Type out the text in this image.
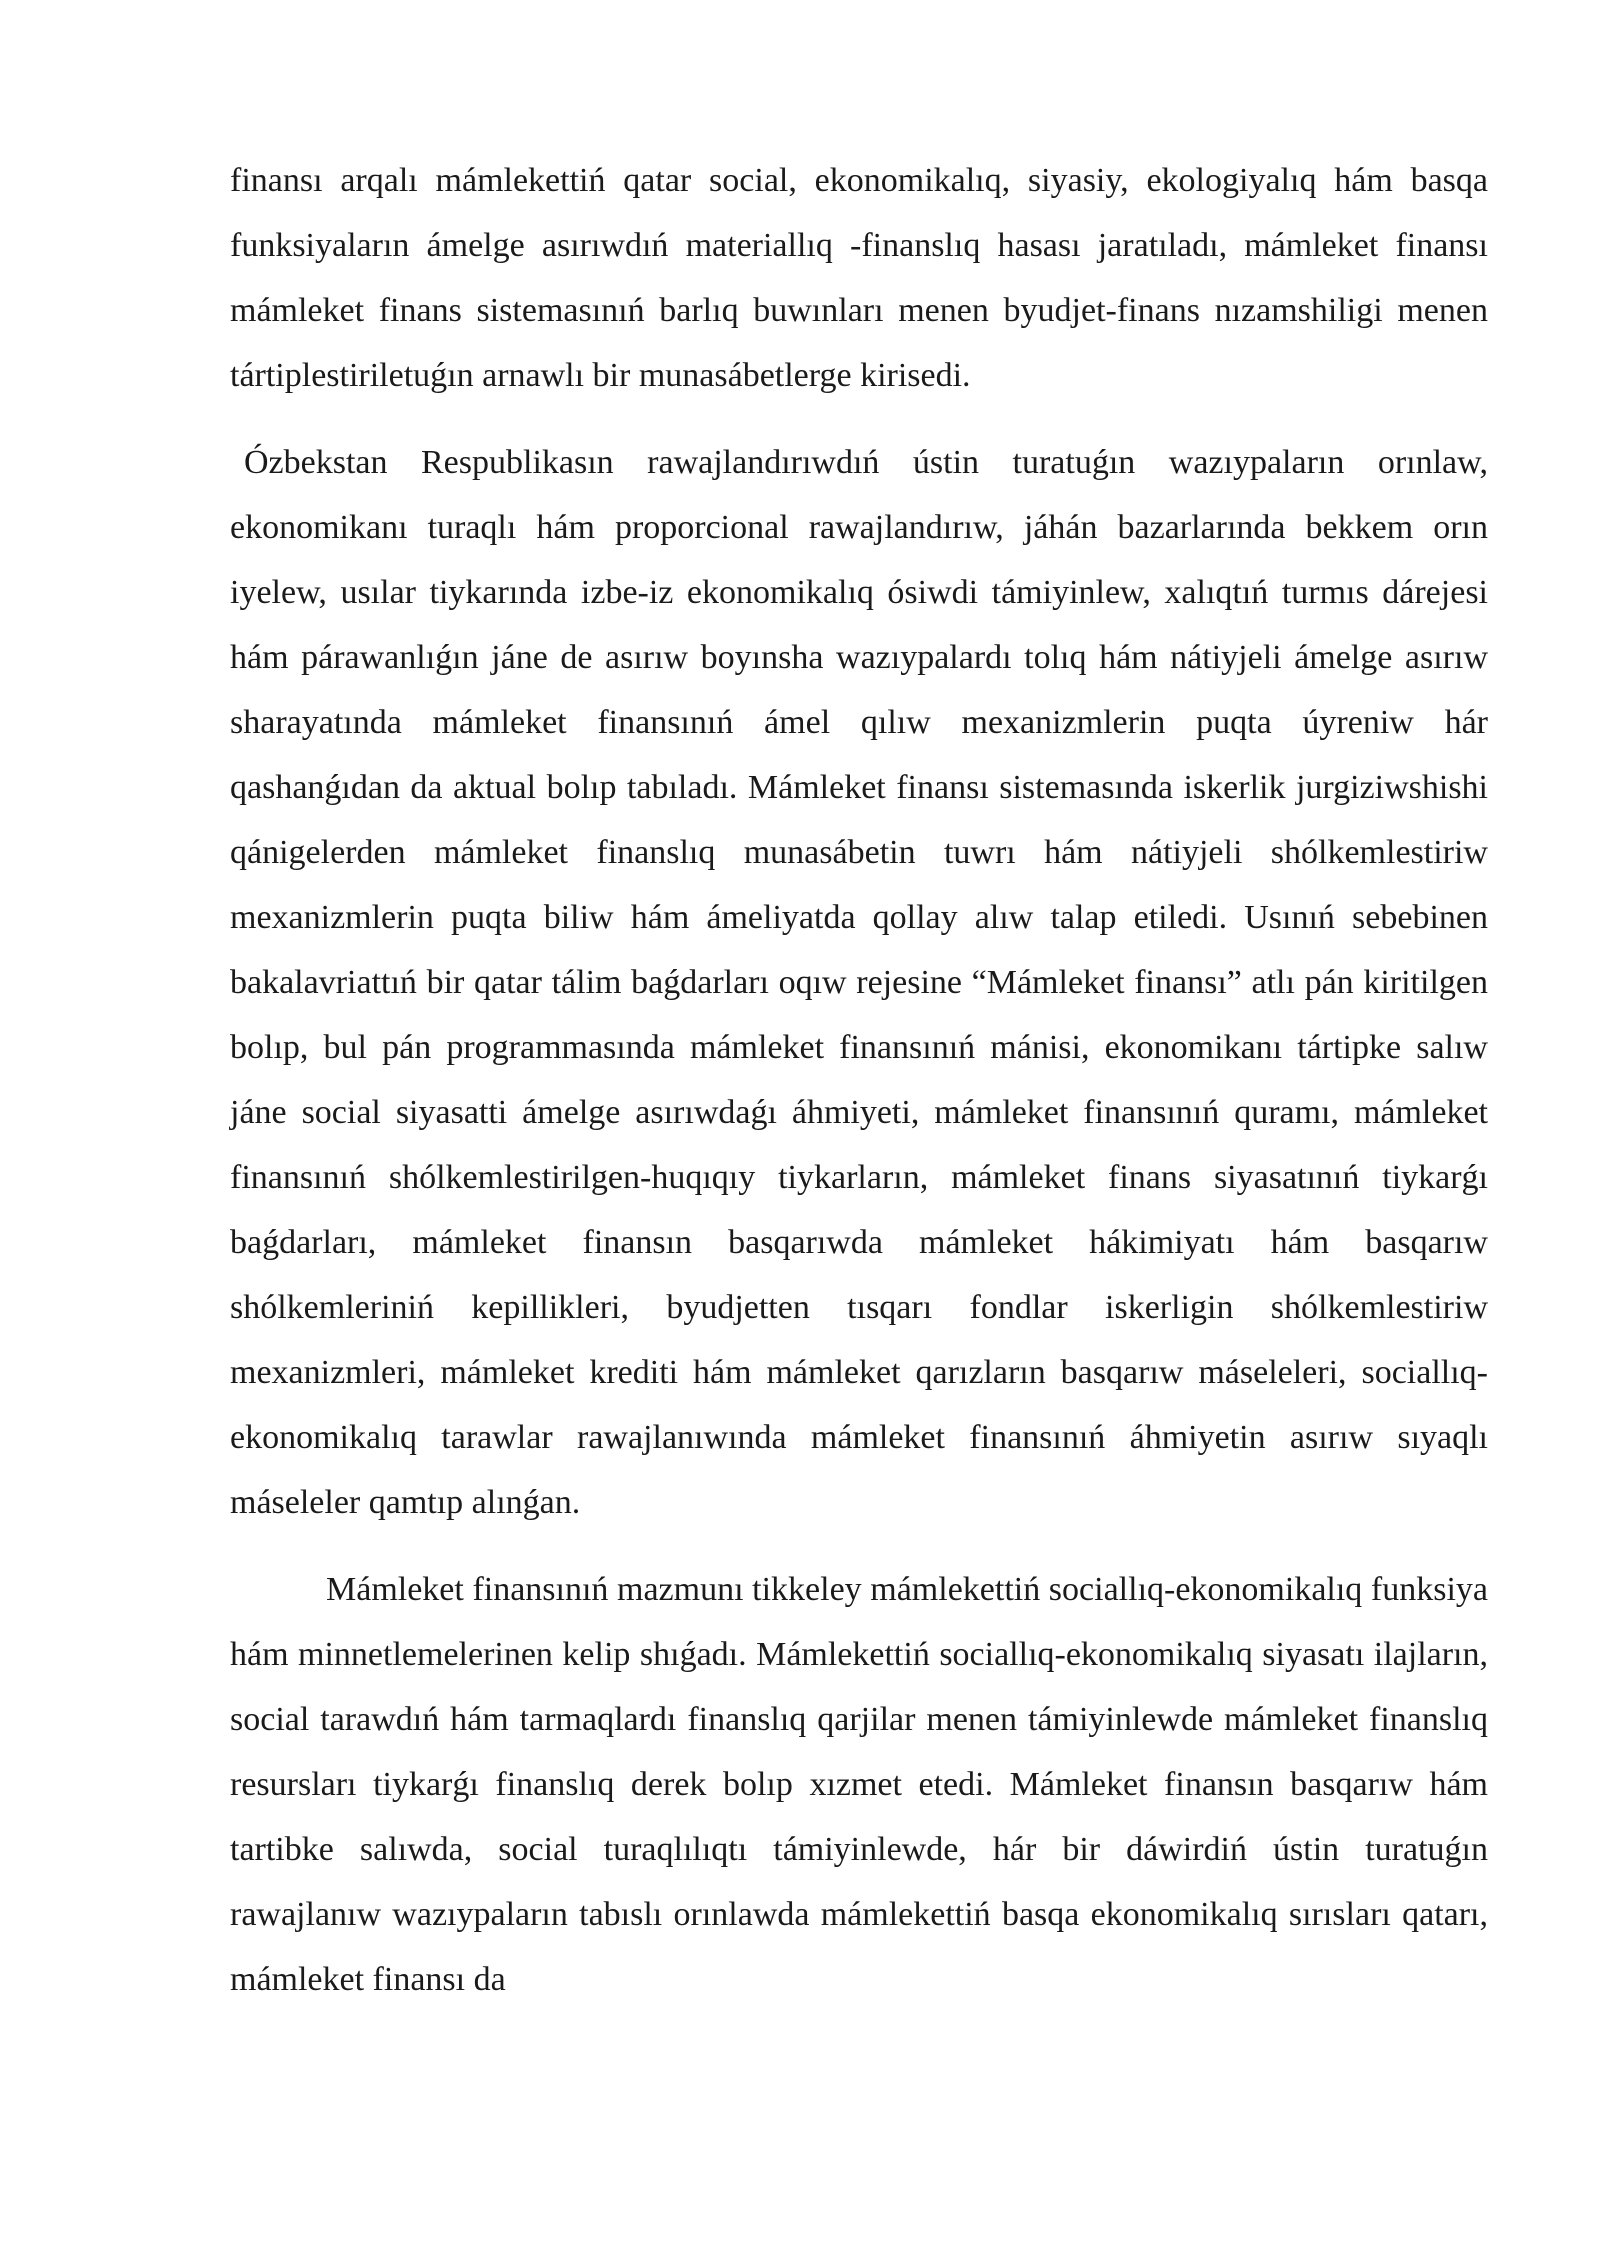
finansı arqalı mámlekettiń qatar social, ekonomikalıq, siyasiy, ekologiyalıq hám basqa funksiyaların ámelge asırıwdıń materiallıq -finanslıq hasası jaratıladı, mámleket finansı mámleket finans sistemasınıń barlıq buwınları menen byudjet-finans nızamshiligi menen tártiplestiriletuǵın arnawlı bir munasábetlerge kirisedi.

Ózbekstan Respublikasın rawajlandırıwdıń ústin turatuǵın wazıypaların orınlaw, ekonomikanı turaqlı hám proporcional rawajlandırıw, jáhán bazarlarında bekkem orın iyelew, usılar tiykarında izbe-iz ekonomikalıq ósiwdi támiyinlew, xalıqtıń turmıs dárejesi hám párawanlıǵın jáne de asırıw boyınsha wazıypalardı tolıq hám nátiyjeli ámelge asırıw sharayatında mámleket finansınıń ámel qılıw mexanizmlerin puqta úyreniw hár qashanǵıdan da aktual bolıp tabıladı. Mámleket finansı sistemasında iskerlik jurgiziwshishi qánigelerden mámleket finanslıq munasábetin tuwrı hám nátiyjeli shólkemlestiriw mexanizmlerin puqta biliw hám ámeliyatda qollay alıw talap etiledi. Usınıń sebebinen bakalavriattıń bir qatar tálim baǵdarları oqıw rejesine “Mámleket finansı” atlı pán kiritilgen bolıp, bul pán programmasında mámleket finansınıń mánisi, ekonomikanı tártipke salıw jáne social siyasatti ámelge asırıwdaǵı áhmiyeti, mámleket finansınıń quramı, mámleket finansınıń shólkemlestirilgen-huqıqıy tiykarların, mámleket finans siyasatınıń tiykarǵı baǵdarları, mámleket finansın basqarıwda mámleket hákimiyatı hám basqarıw shólkemleriniń kepillikleri, byudjetten tısqarı fondlar iskerligin shólkemlestiriw mexanizmleri, mámleket krediti hám mámleket qarızların basqarıw máseleleri, sociallıq-ekonomikalıq tarawlar rawajlanıwında mámleket finansınıń áhmiyetin asırıw sıyaqlı máseleler qamtıp alınǵan.

Mámleket finansınıń mazmunı tikkeley mámlekettiń sociallıq-ekonomikalıq funksiya hám minnetlemelerinen kelip shıǵadı. Mámlekettiń sociallıq-ekonomikalıq siyasatı ilajların, social tarawdıń hám tarmaqlardı finanslıq qarjilar menen támiyinlewde mámleket finanslıq resursları tiykarǵı finanslıq derek bolıp xızmet etedi. Mámleket finansın basqarıw hám tartibke salıwda, social turaqlılıqtı támiyinlewde, hár bir dáwirdiń ústin turatuǵın rawajlanıw wazıypaların tabıslı orınlawda mámlekettiń basqa ekonomikalıq sırısları qatarı, mámleket finansı da
